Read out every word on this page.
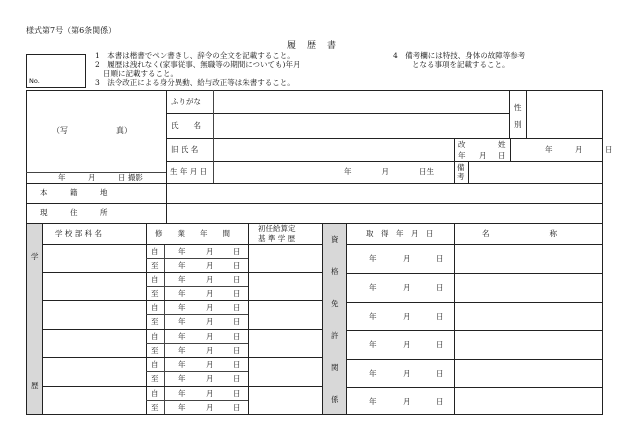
様式第7号（第6条関係）
履　歴　書
1　本書は楷書でペン書きし、辞令の全文を記載すること。
2　履歴は洩れなく(家事従事、無職等の期間についても)年月
日順に記載すること。
3　法令改正による身分異動、給与改正等は朱書すること。
4　備考欄には特技、身体の故障等参考
となる事項を記載すること。
No.
（写　　　　　　真）
年　　　月　　　日 撮影
ふりがな
氏　　名
旧 氏 名
生 年 月 日	年　　　　月　　　　日生
性
別
改	姓
年 月 日
年　　　月　　　日
備
考
本　　　籍　　　地
現　　　住　　　所
学
歴
資
格
免
許
関
係
学 校 部 科 名	修　　業　　年　　間
初任給算定
基 準 学 歴
取　得　年　月　日	名　　　　　　　　称
自	年	月	日
至	年	月	日
自	年	月	日
至	年	月	日
自	年	月	日
至	年	月	日
自	年	月	日
至	年	月	日
自	年	月	日
至	年	月	日
自	年	月	日
至	年	月	日
年	月	日
年	月	日
年	月	日
年	月	日
年	月	日
年	月	日
